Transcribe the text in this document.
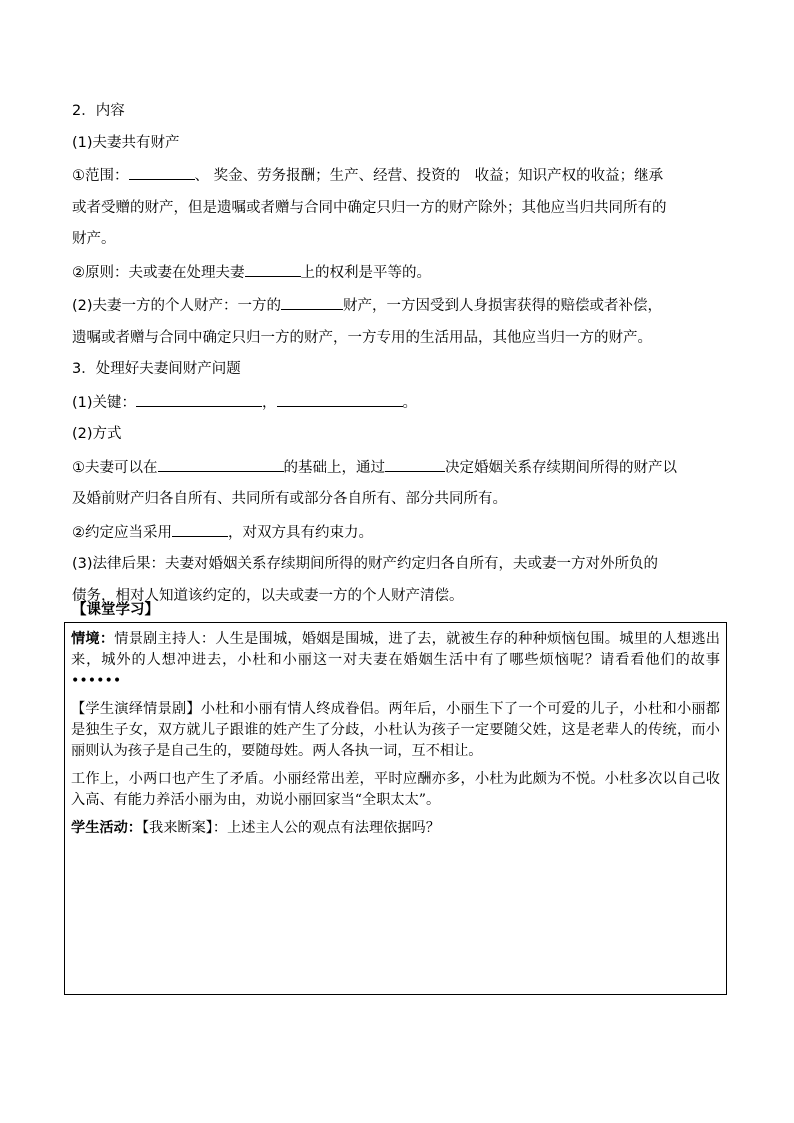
2．内容
(1)夫妻共有财产
①范围：	、 奖金、劳务报酬；生产、经营、投资的　收益；知识产权的收益；继承
或者受赠的财产，但是遗嘱或者赠与合同中确定只归一方的财产除外；其他应当归共同所有的
财产。
②原则：夫或妻在处理夫妻	上的权利是平等的。
(2)夫妻一方的个人财产：一方的	财产，一方因受到人身损害获得的赔偿或者补偿，
遗嘱或者赠与合同中确定只归一方的财产，一方专用的生活用品，其他应当归一方的财产。
3．处理好夫妻间财产问题
(1)关键：	，	。
(2)方式
①夫妻可以在	的基础上，通过	决定婚姻关系存续期间所得的财产以
及婚前财产归各自所有、共同所有或部分各自所有、部分共同所有。
②约定应当采用	，对双方具有约束力。
(3)法律后果：夫妻对婚姻关系存续期间所得的财产约定归各自所有，夫或妻一方对外所负的
债务，相对人知道该约定的，以夫或妻一方的个人财产清偿。
【课堂学习】

情境：情景剧主持人：人生是围城，婚姻是围城，进了去，就被生存的种种烦恼包围。城里的人想逃出来，城外的人想冲进去，小杜和小丽这一对夫妻在婚姻生活中有了哪些烦恼呢？请看看他们的故事••••••

【学生演绎情景剧】小杜和小丽有情人终成眷侣。两年后，小丽生下了一个可爱的儿子，小杜和小丽都是独生子女，双方就儿子跟谁的姓产生了分歧，小杜认为孩子一定要随父姓，这是老辈人的传统，而小丽则认为孩子是自己生的，要随母姓。两人各执一词，互不相让。

工作上，小两口也产生了矛盾。小丽经常出差，平时应酬亦多，小杜为此颇为不悦。小杜多次以自己收入高、有能力养活小丽为由，劝说小丽回家当“全职太太”。

学生活动：【我来断案】：上述主人公的观点有法理依据吗？
